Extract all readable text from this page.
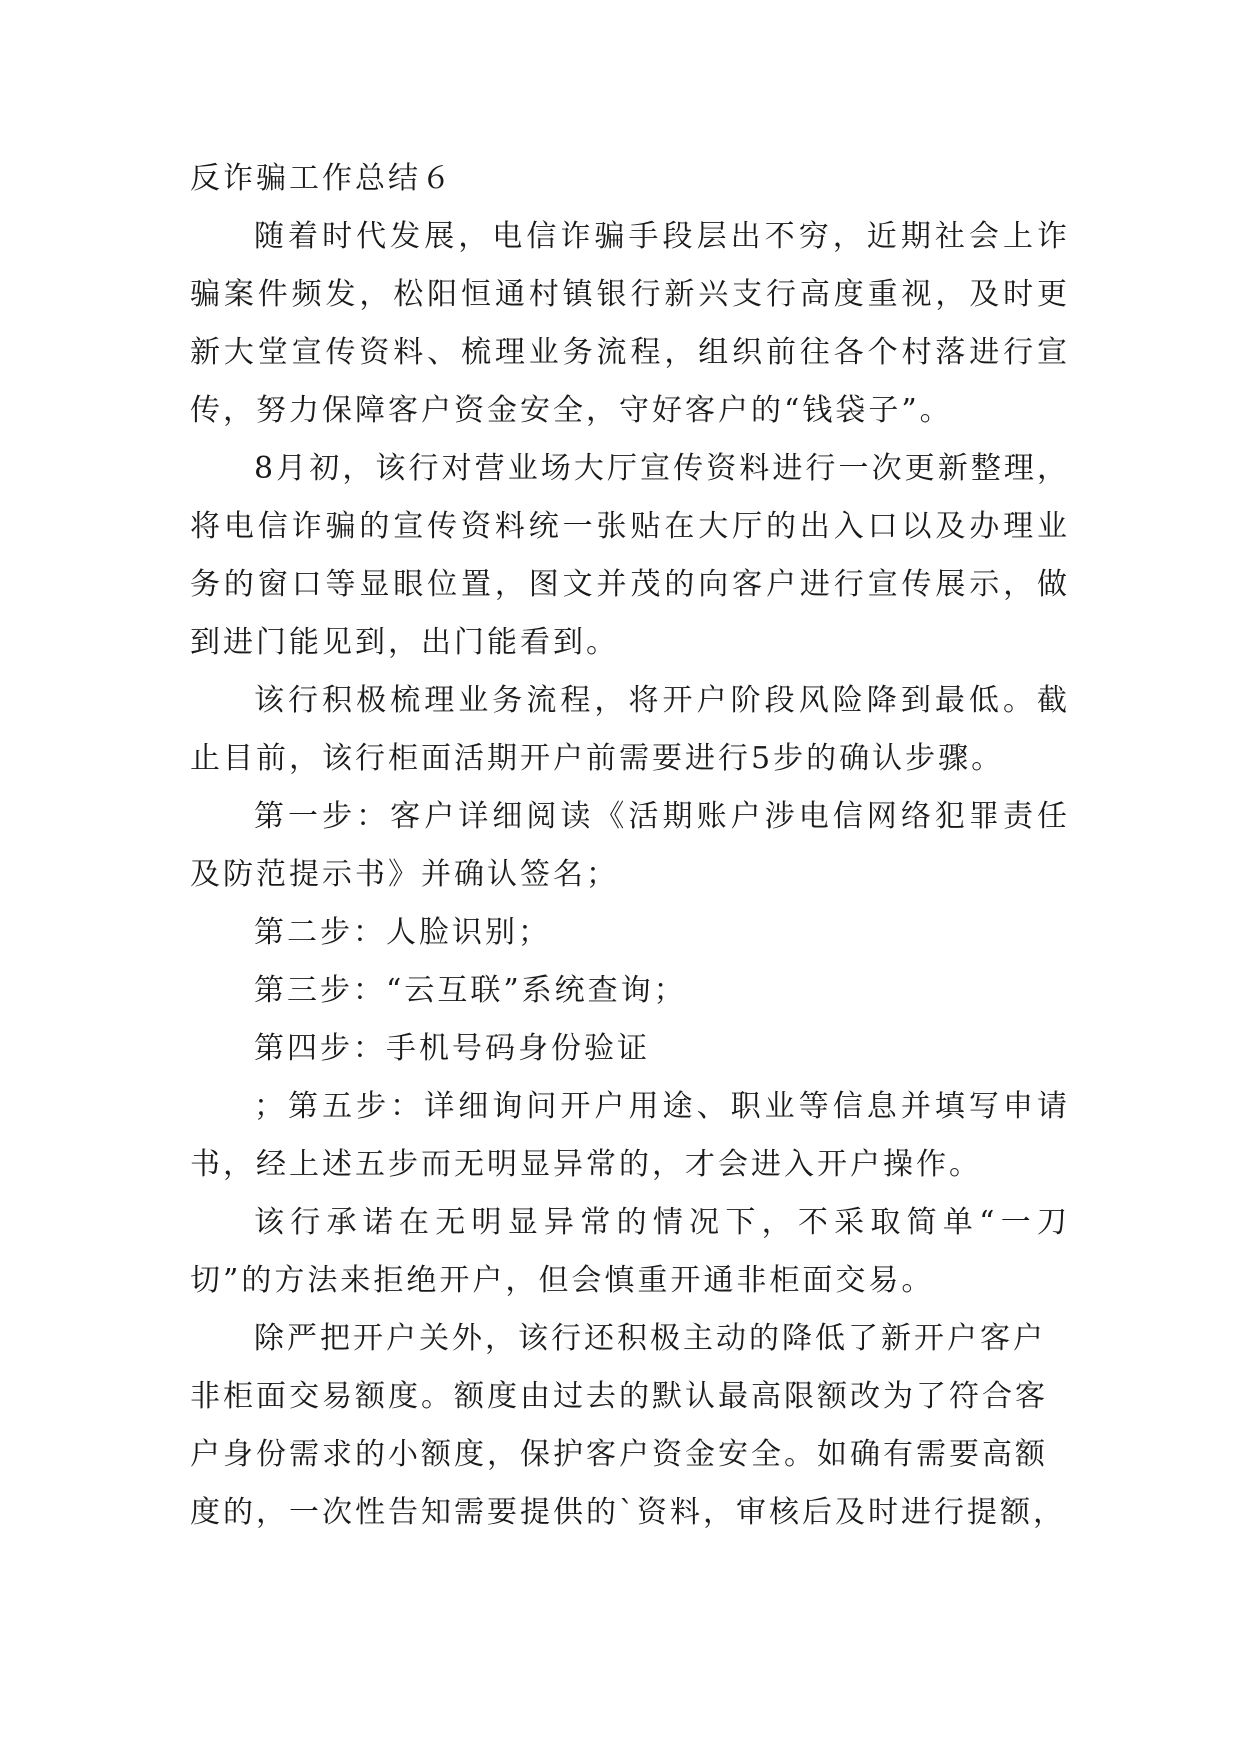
反诈骗工作总结６

随着时代发展，电信诈骗手段层出不穷，近期社会上诈骗案件频发，松阳恒通村镇银行新兴支行高度重视，及时更新大堂宣传资料、梳理业务流程，组织前往各个村落进行宣传，努力保障客户资金安全，守好客户的“钱袋子”。

8月初，该行对营业场大厅宣传资料进行一次更新整理，将电信诈骗的宣传资料统一张贴在大厅的出入口以及办理业务的窗口等显眼位置，图文并茂的向客户进行宣传展示，做到进门能见到，出门能看到。

该行积极梳理业务流程，将开户阶段风险降到最低。截止目前，该行柜面活期开户前需要进行5步的确认步骤。

第一步：客户详细阅读《活期账户涉电信网络犯罪责任及防范提示书》并确认签名；

第二步：人脸识别；

第三步：“云互联”系统查询；

第四步：手机号码身份验证

；第五步：详细询问开户用途、职业等信息并填写申请书，经上述五步而无明显异常的，才会进入开户操作。

该行承诺在无明显异常的情况下，不采取简单“一刀切”的方法来拒绝开户，但会慎重开通非柜面交易。

除严把开户关外，该行还积极主动的降低了新开户客户非柜面交易额度。额度由过去的默认最高限额改为了符合客户身份需求的小额度，保护客户资金安全。如确有需要高额度的，一次性告知需要提供的`资料，审核后及时进行提额，
